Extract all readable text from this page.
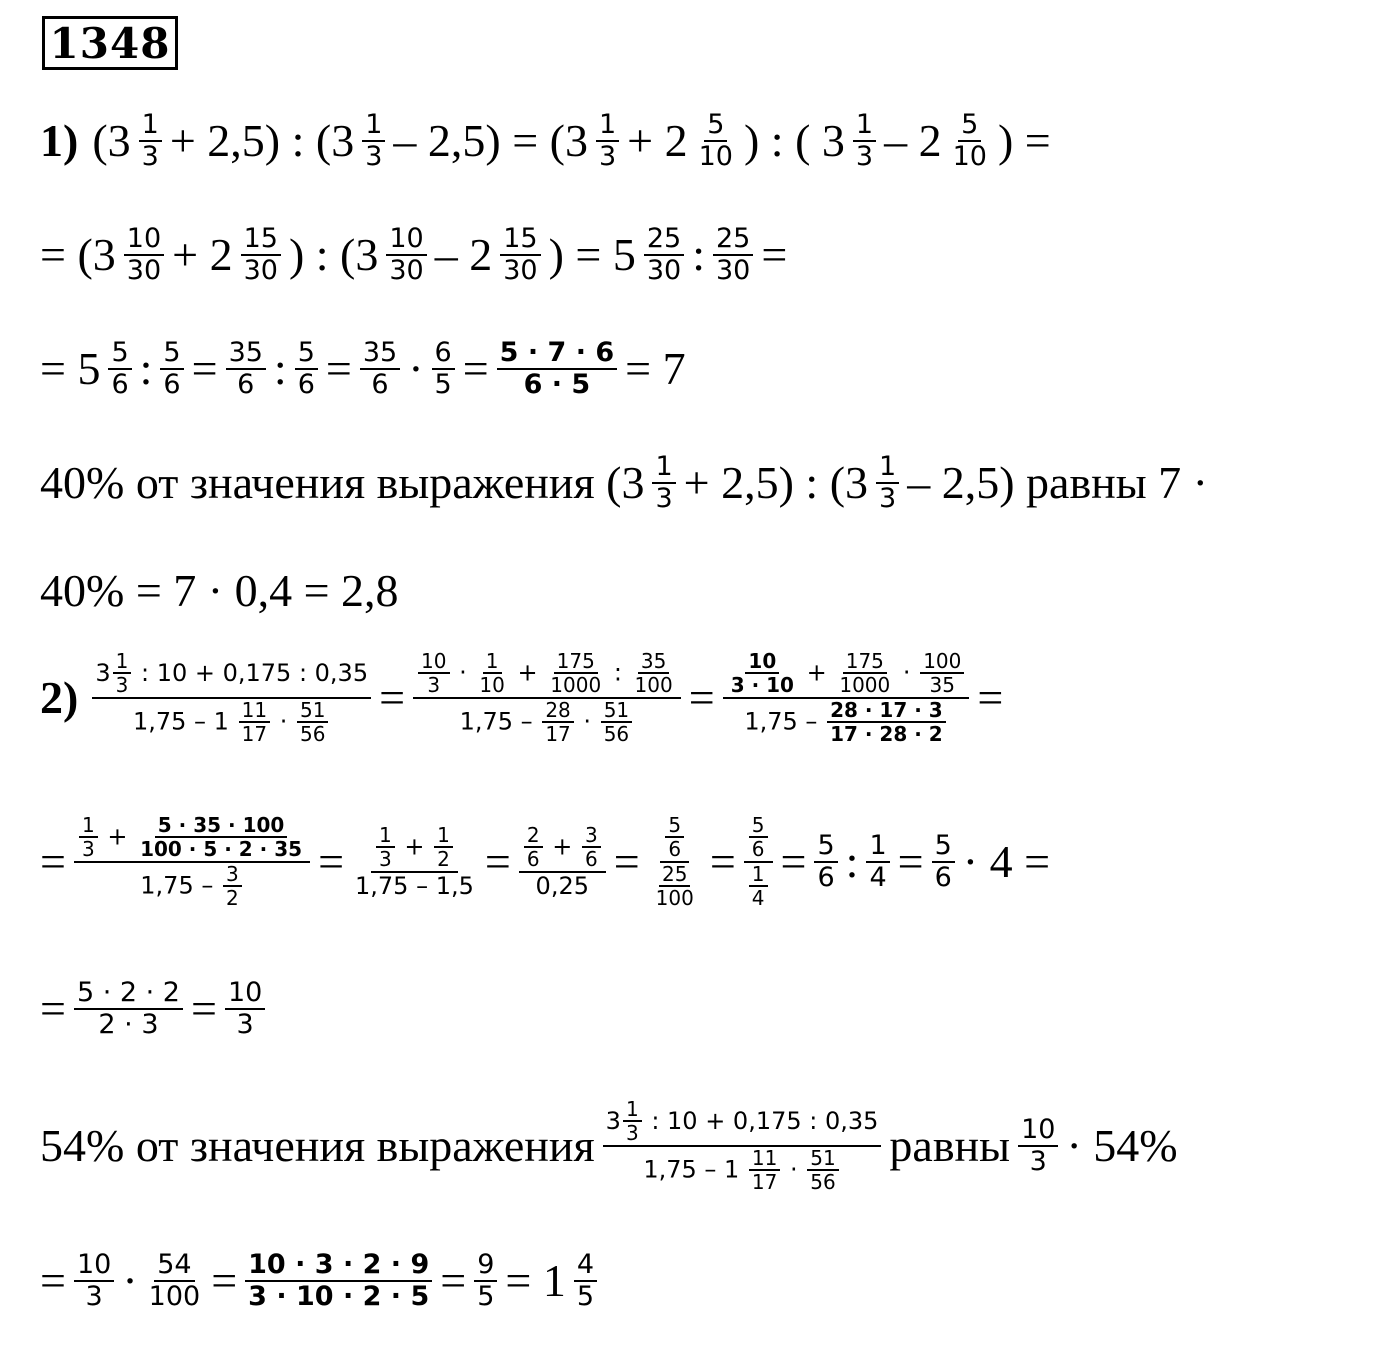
1348
1) $(3 \frac{1}{3} + 2,5)$ : $(3 \frac{1}{3} - 2,5) = (3 \frac{1}{3} + 2 \frac{5}{10}$ ) : ( $3 \frac{1}{3} - 2 \frac{5}{10}$ ) =
= ($3 \frac{10}{30} + 2 \frac{15}{30}$ ) : ($3 \frac{10}{30} - 2 \frac{15}{30}$ ) = $5 \frac{25}{30}$ : $\frac{25}{30}$ =
= $5 \frac{5}{6}$ : $\frac{5}{6} = \frac{35}{6}$ : $\frac{5}{6} = \frac{35}{6} \cdot \frac{6}{5} = \frac{5 \cdot 7 \cdot 6}{6 \cdot 5} = 7$
40% от значения выражения $(3 \frac{1}{3} + 2,5)$ : $(3 \frac{1}{3} - 2,5)$ равны 7 ·
40% = 7 · 0,4 = 2,8
$2) \frac{3 \frac{1}{3} : 10 + 0,175 : 0,35}{1,75 - 1 \frac{11}{17} \cdot \frac{51}{56}} = \frac{10}{3} \cdot \frac{1}{10} + \frac{175}{1000}$ : $\frac{35}{100}$
$1,75 - \frac{28}{17} \cdot \frac{51}{56} = \frac{\frac{10}{3 \cdot 10} + \frac{175}{1000} \cdot \frac{100}{35}}{1,75 - \frac{28 \cdot 17 \cdot 3}{17 \cdot 28 \cdot 2}}$ =
= $\frac{\frac{1}{3} + \frac{5 \cdot 35 \cdot 100}{100 \cdot 5 \cdot 2 \cdot 35}}{1,75 - \frac{3}{2}} = \frac{\frac{1}{3} + \frac{1}{2}}{1,75 - 1,5} = \frac{\frac{2}{6} + \frac{3}{6}}{0,25} = \frac{\frac{5}{6}}{\frac{25}{100}} = \frac{\frac{5}{6}}{\frac{1}{4}} = \frac{5}{6}$ : $\frac{1}{4} = \frac{5}{6} \cdot 4$ =
= $\frac{5 \cdot 2 \cdot 2}{2 \cdot 3} = \frac{10}{3}$
54% от значения выражения $\frac{3 \frac{1}{3} : 10 + 0,175 : 0,35}{1,75 - 1 \frac{11}{17} \cdot \frac{51}{56}}$ равны $\frac{10}{3} \cdot 54\%$
= $\frac{10}{3} \cdot \frac{54}{100} = \frac{10 \cdot 3 \cdot 2 \cdot 9}{3 \cdot 10 \cdot 2 \cdot 5} = \frac{9}{5} = 1 \frac{4}{5}$
